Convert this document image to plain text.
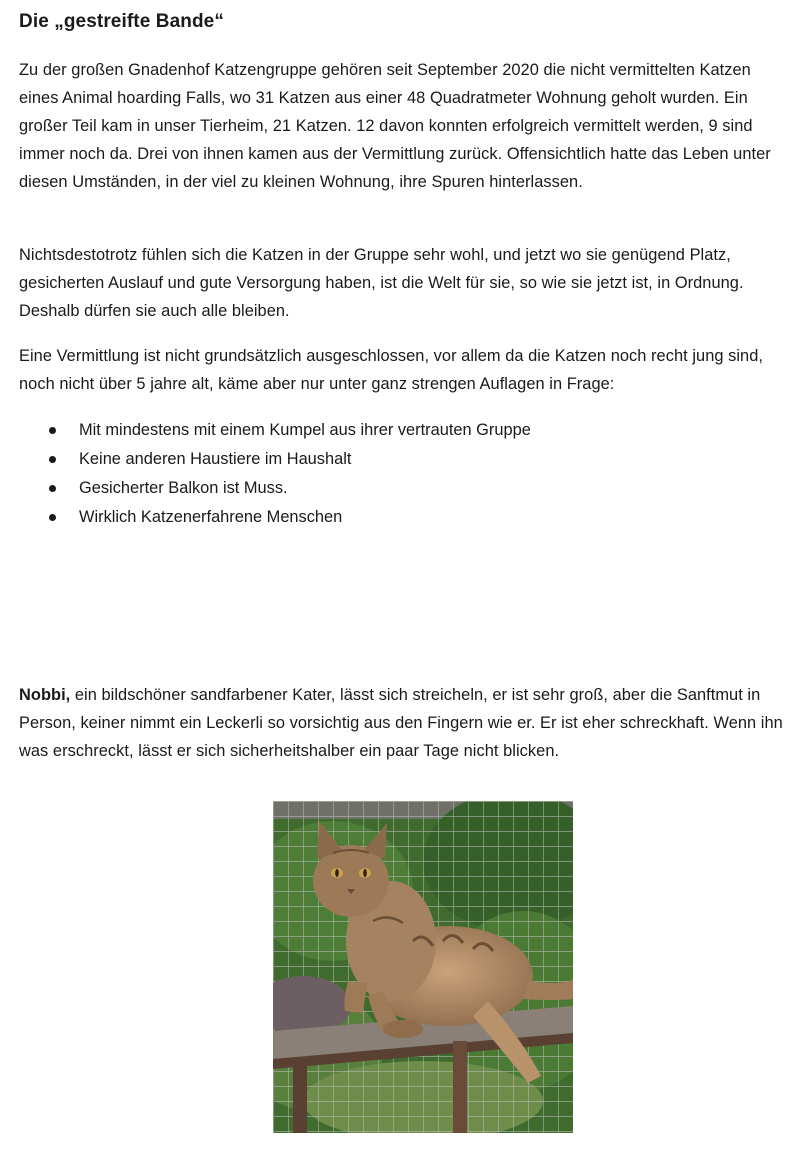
Die „gestreifte Bande“

Zu der großen Gnadenhof Katzengruppe gehören seit September 2020 die nicht vermittelten Katzen eines Animal hoarding Falls, wo 31 Katzen aus einer 48 Quadratmeter Wohnung geholt wurden. Ein großer Teil kam in unser Tierheim, 21 Katzen. 12 davon konnten erfolgreich vermittelt werden, 9 sind immer noch da. Drei von ihnen kamen aus der Vermittlung zurück. Offensichtlich hatte das Leben unter diesen Umständen, in der viel zu kleinen Wohnung, ihre Spuren hinterlassen.

Nichtsdestotrotz fühlen sich die Katzen in der Gruppe sehr wohl, und jetzt wo sie genügend Platz, gesicherten Auslauf und gute Versorgung haben, ist die Welt für sie, so wie sie jetzt ist, in Ordnung. Deshalb dürfen sie auch alle bleiben.

Eine Vermittlung ist nicht grundsätzlich ausgeschlossen, vor allem da die Katzen noch recht jung sind, noch nicht über 5 jahre alt, käme aber nur unter ganz strengen Auflagen in Frage:

Mit mindestens mit einem Kumpel aus ihrer vertrauten Gruppe
Keine anderen Haustiere im Haushalt
Gesicherter Balkon ist Muss.
Wirklich Katzenerfahrene Menschen

Nobbi, ein bildschöner sandfarbener Kater, lässt sich streicheln, er ist sehr groß, aber die Sanftmut in Person, keiner nimmt ein Leckerli so vorsichtig aus den Fingern wie er. Er ist eher schreckhaft. Wenn ihn was erschreckt, lässt er sich sicherheitshalber ein paar Tage nicht blicken.
